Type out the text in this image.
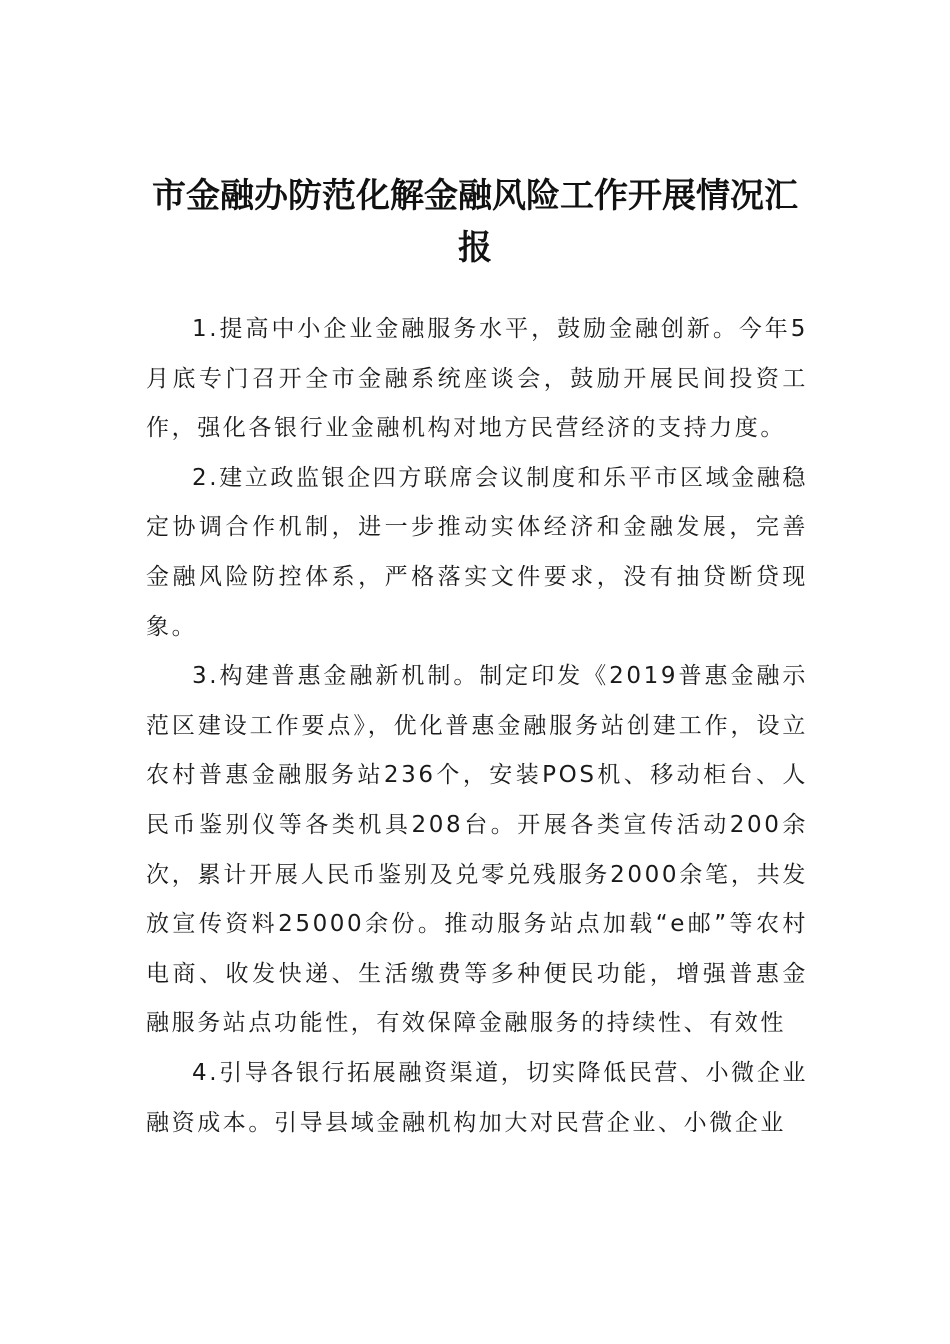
市金融办防范化解金融风险工作开展情况汇报

1.提高中小企业金融服务水平，鼓励金融创新。今年5月底专门召开全市金融系统座谈会，鼓励开展民间投资工作，强化各银行业金融机构对地方民营经济的支持力度。

2.建立政监银企四方联席会议制度和乐平市区域金融稳定协调合作机制，进一步推动实体经济和金融发展，完善金融风险防控体系，严格落实文件要求，没有抽贷断贷现象。

3.构建普惠金融新机制。制定印发《2019普惠金融示范区建设工作要点》，优化普惠金融服务站创建工作，设立农村普惠金融服务站236个，安装POS机、移动柜台、人民币鉴别仪等各类机具208台。开展各类宣传活动200余次，累计开展人民币鉴别及兑零兑残服务2000余笔，共发放宣传资料25000余份。推动服务站点加载“e邮”等农村电商、收发快递、生活缴费等多种便民功能，增强普惠金融服务站点功能性，有效保障金融服务的持续性、有效性

4.引导各银行拓展融资渠道，切实降低民营、小微企业融资成本。引导县域金融机构加大对民营企业、小微企业
